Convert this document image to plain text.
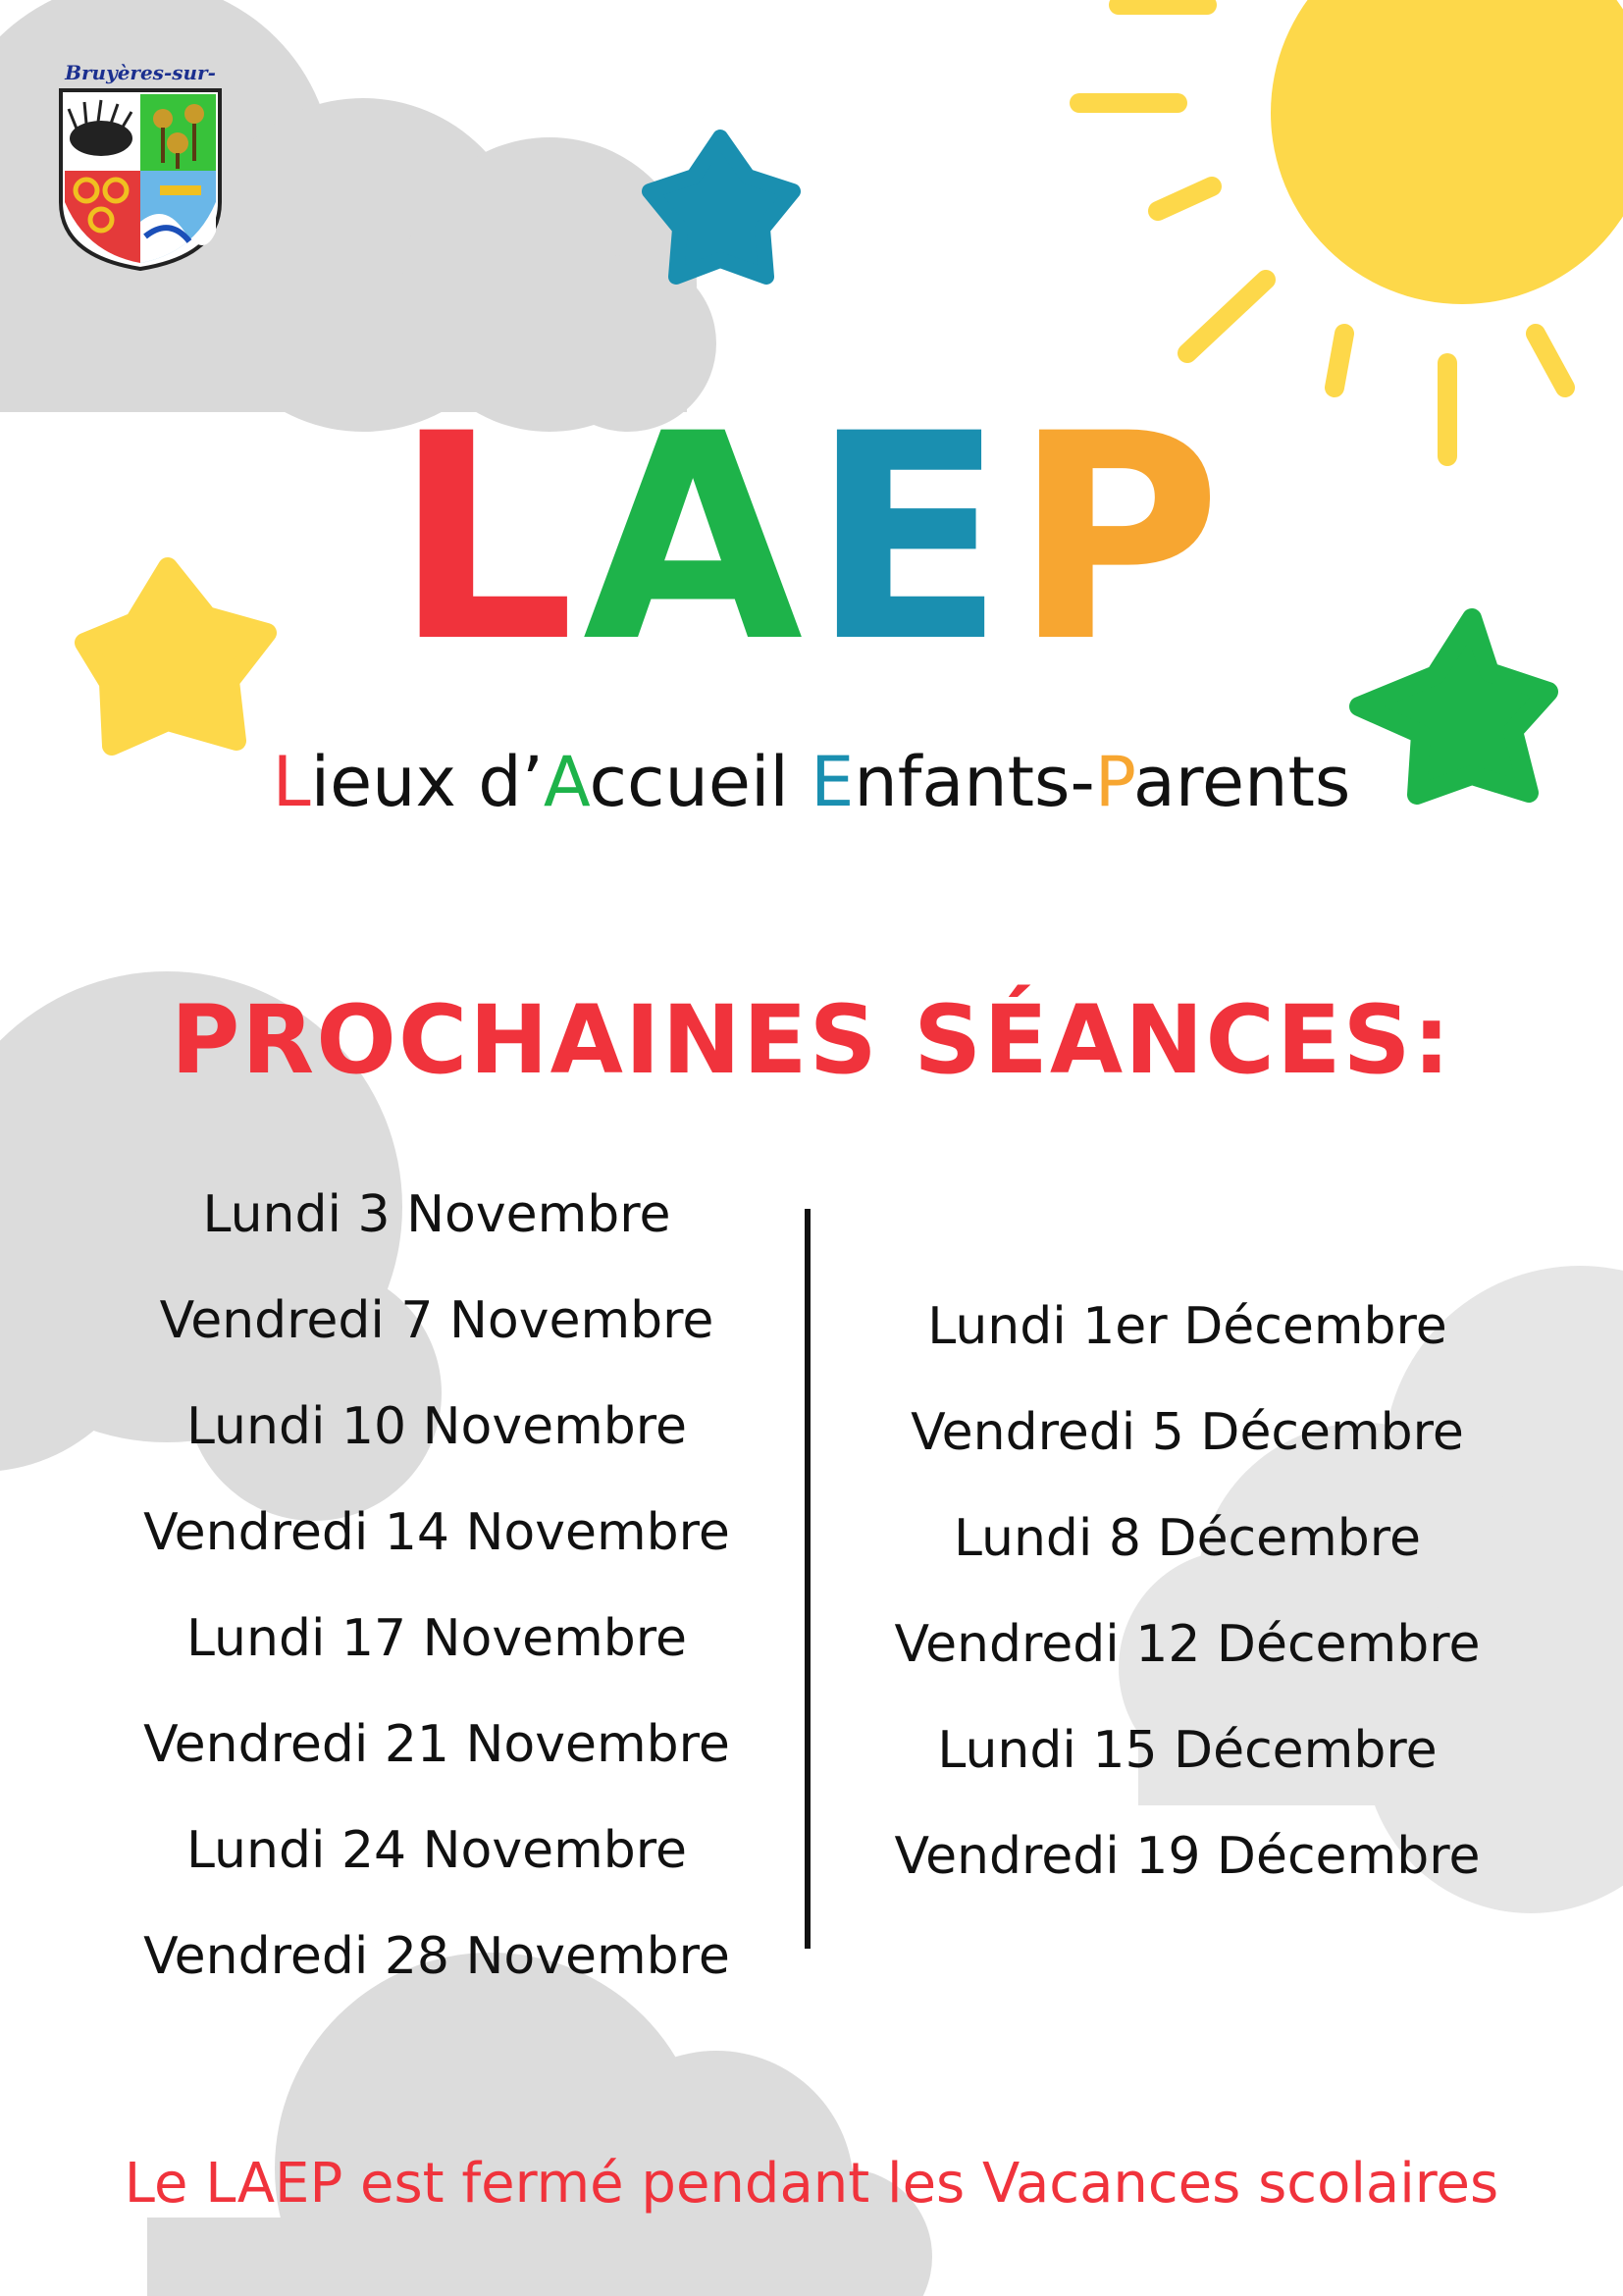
Bruyères-sur-
LAEP
Lieux d’Accueil Enfants-Parents
PROCHAINES SÉANCES:
Lundi 3 Novembre
Vendredi 7 Novembre
Lundi 10 Novembre
Vendredi 14 Novembre
Lundi 17 Novembre
Vendredi 21 Novembre
Lundi 24 Novembre
Vendredi 28 Novembre
Lundi 1er Décembre
Vendredi 5 Décembre
Lundi 8 Décembre
Vendredi 12 Décembre
Lundi 15 Décembre
Vendredi 19 Décembre
Le LAEP est fermé pendant les Vacances scolaires
